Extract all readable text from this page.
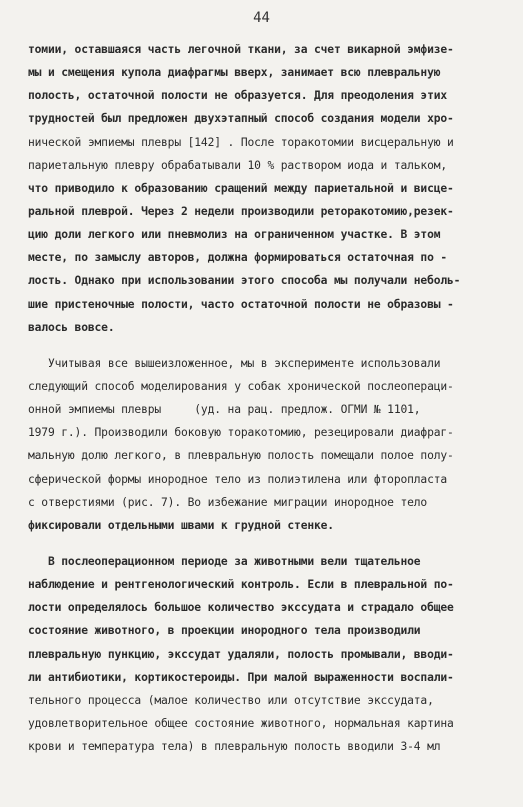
44
томии, оставшаяся часть легочной ткани, за счет викарной эмфизе-
мы и смещения купола диафрагмы вверх, занимает всю плевральную
полость, остаточной полости не образуется. Для преодоления этих
трудностей был предложен двухэтапный способ создания модели хро-
нической эмпиемы плевры [142] . После торакотомии висцеральную и
париетальную плевру обрабатывали 10 % раствором иода и тальком,
что приводило к образованию сращений между париетальной и висце-
ральной плеврой. Через 2 недели производили реторакотомию,резек-
цию доли легкого или пневмолиз на ограниченном участке. В этом
месте, по замыслу авторов, должна формироваться остаточная по -
лость. Однако при использовании этого способа мы получали неболь-
шие пристеночные полости, часто остаточной полости не образовы -
валось вовсе.
Учитывая все вышеизложенное, мы в эксперименте использовали
следующий способ моделирования у собак хронической послеопераци-
онной эмпиемы плевры     (уд. на рац. предлож. ОГМИ № 1101,
1979 г.). Производили боковую торакотомию, резецировали диафраг-
мальную долю легкого, в плевральную полость помещали полое полу-
сферической формы инородное тело из полиэтилена или фторопласта
с отверстиями (рис. 7). Во избежание миграции инородное тело
фиксировали отдельными швами к грудной стенке.
В послеоперационном периоде за животными вели тщательное
наблюдение и рентгенологический контроль. Если в плевральной по-
лости определялось большое количество экссудата и страдало общее
состояние животного, в проекции инородного тела производили
плевральную пункцию, экссудат удаляли, полость промывали, вводи-
ли антибиотики, кортикостероиды. При малой выраженности воспали-
тельного процесса (малое количество или отсутствие экссудата,
удовлетворительное общее состояние животного, нормальная картина
крови и температура тела) в плевральную полость вводили 3-4 мл
